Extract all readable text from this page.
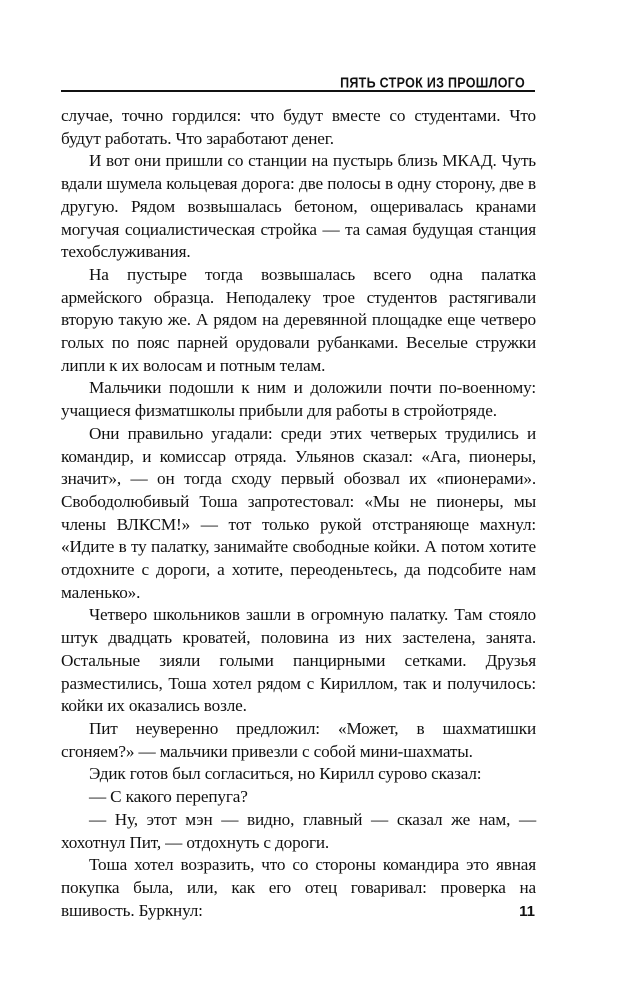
ПЯТЬ СТРОК ИЗ ПРОШЛОГО

случае, точно гордился: что будут вместе со студентами. Что будут работать. Что заработают денег.

И вот они пришли со станции на пустырь близь МКАД. Чуть вдали шумела кольцевая дорога: две полосы в одну сторону, две в другую. Рядом возвышалась бетоном, ощеривалась кранами могучая социалистическая стройка — та самая будущая станция техобслуживания.

На пустыре тогда возвышалась всего одна палатка армейского образца. Неподалеку трое студентов растягивали вторую такую же. А рядом на деревянной площадке еще четверо голых по пояс парней орудовали рубанками. Веселые стружки липли к их волосам и потным телам.

Мальчики подошли к ним и доложили почти по-военному: учащиеся физматшколы прибыли для работы в стройотряде.

Они правильно угадали: среди этих четверых трудились и командир, и комиссар отряда. Ульянов сказал: «Ага, пионеры, значит», — он тогда сходу первый обозвал их «пионерами». Свободолюбивый Тоша запротестовал: «Мы не пионеры, мы члены ВЛКСМ!» — тот только рукой отстраняюще махнул: «Идите в ту палатку, занимайте свободные койки. А потом хотите отдохните с дороги, а хотите, переоденьтесь, да подсобите нам маленько».

Четверо школьников зашли в огромную палатку. Там стояло штук двадцать кроватей, половина из них застелена, занята. Остальные зияли голыми панцирными сетками. Друзья разместились, Тоша хотел рядом с Кириллом, так и получилось: койки их оказались возле.

Пит неуверенно предложил: «Может, в шахматишки сгоняем?» — мальчики привезли с собой мини-шахматы.

Эдик готов был согласиться, но Кирилл сурово сказал:

— С какого перепуга?

— Ну, этот мэн — видно, главный — сказал же нам, — хохотнул Пит, — отдохнуть с дороги.

Тоша хотел возразить, что со стороны командира это явная покупка была, или, как его отец говаривал: проверка на вшивость. Буркнул:	11
